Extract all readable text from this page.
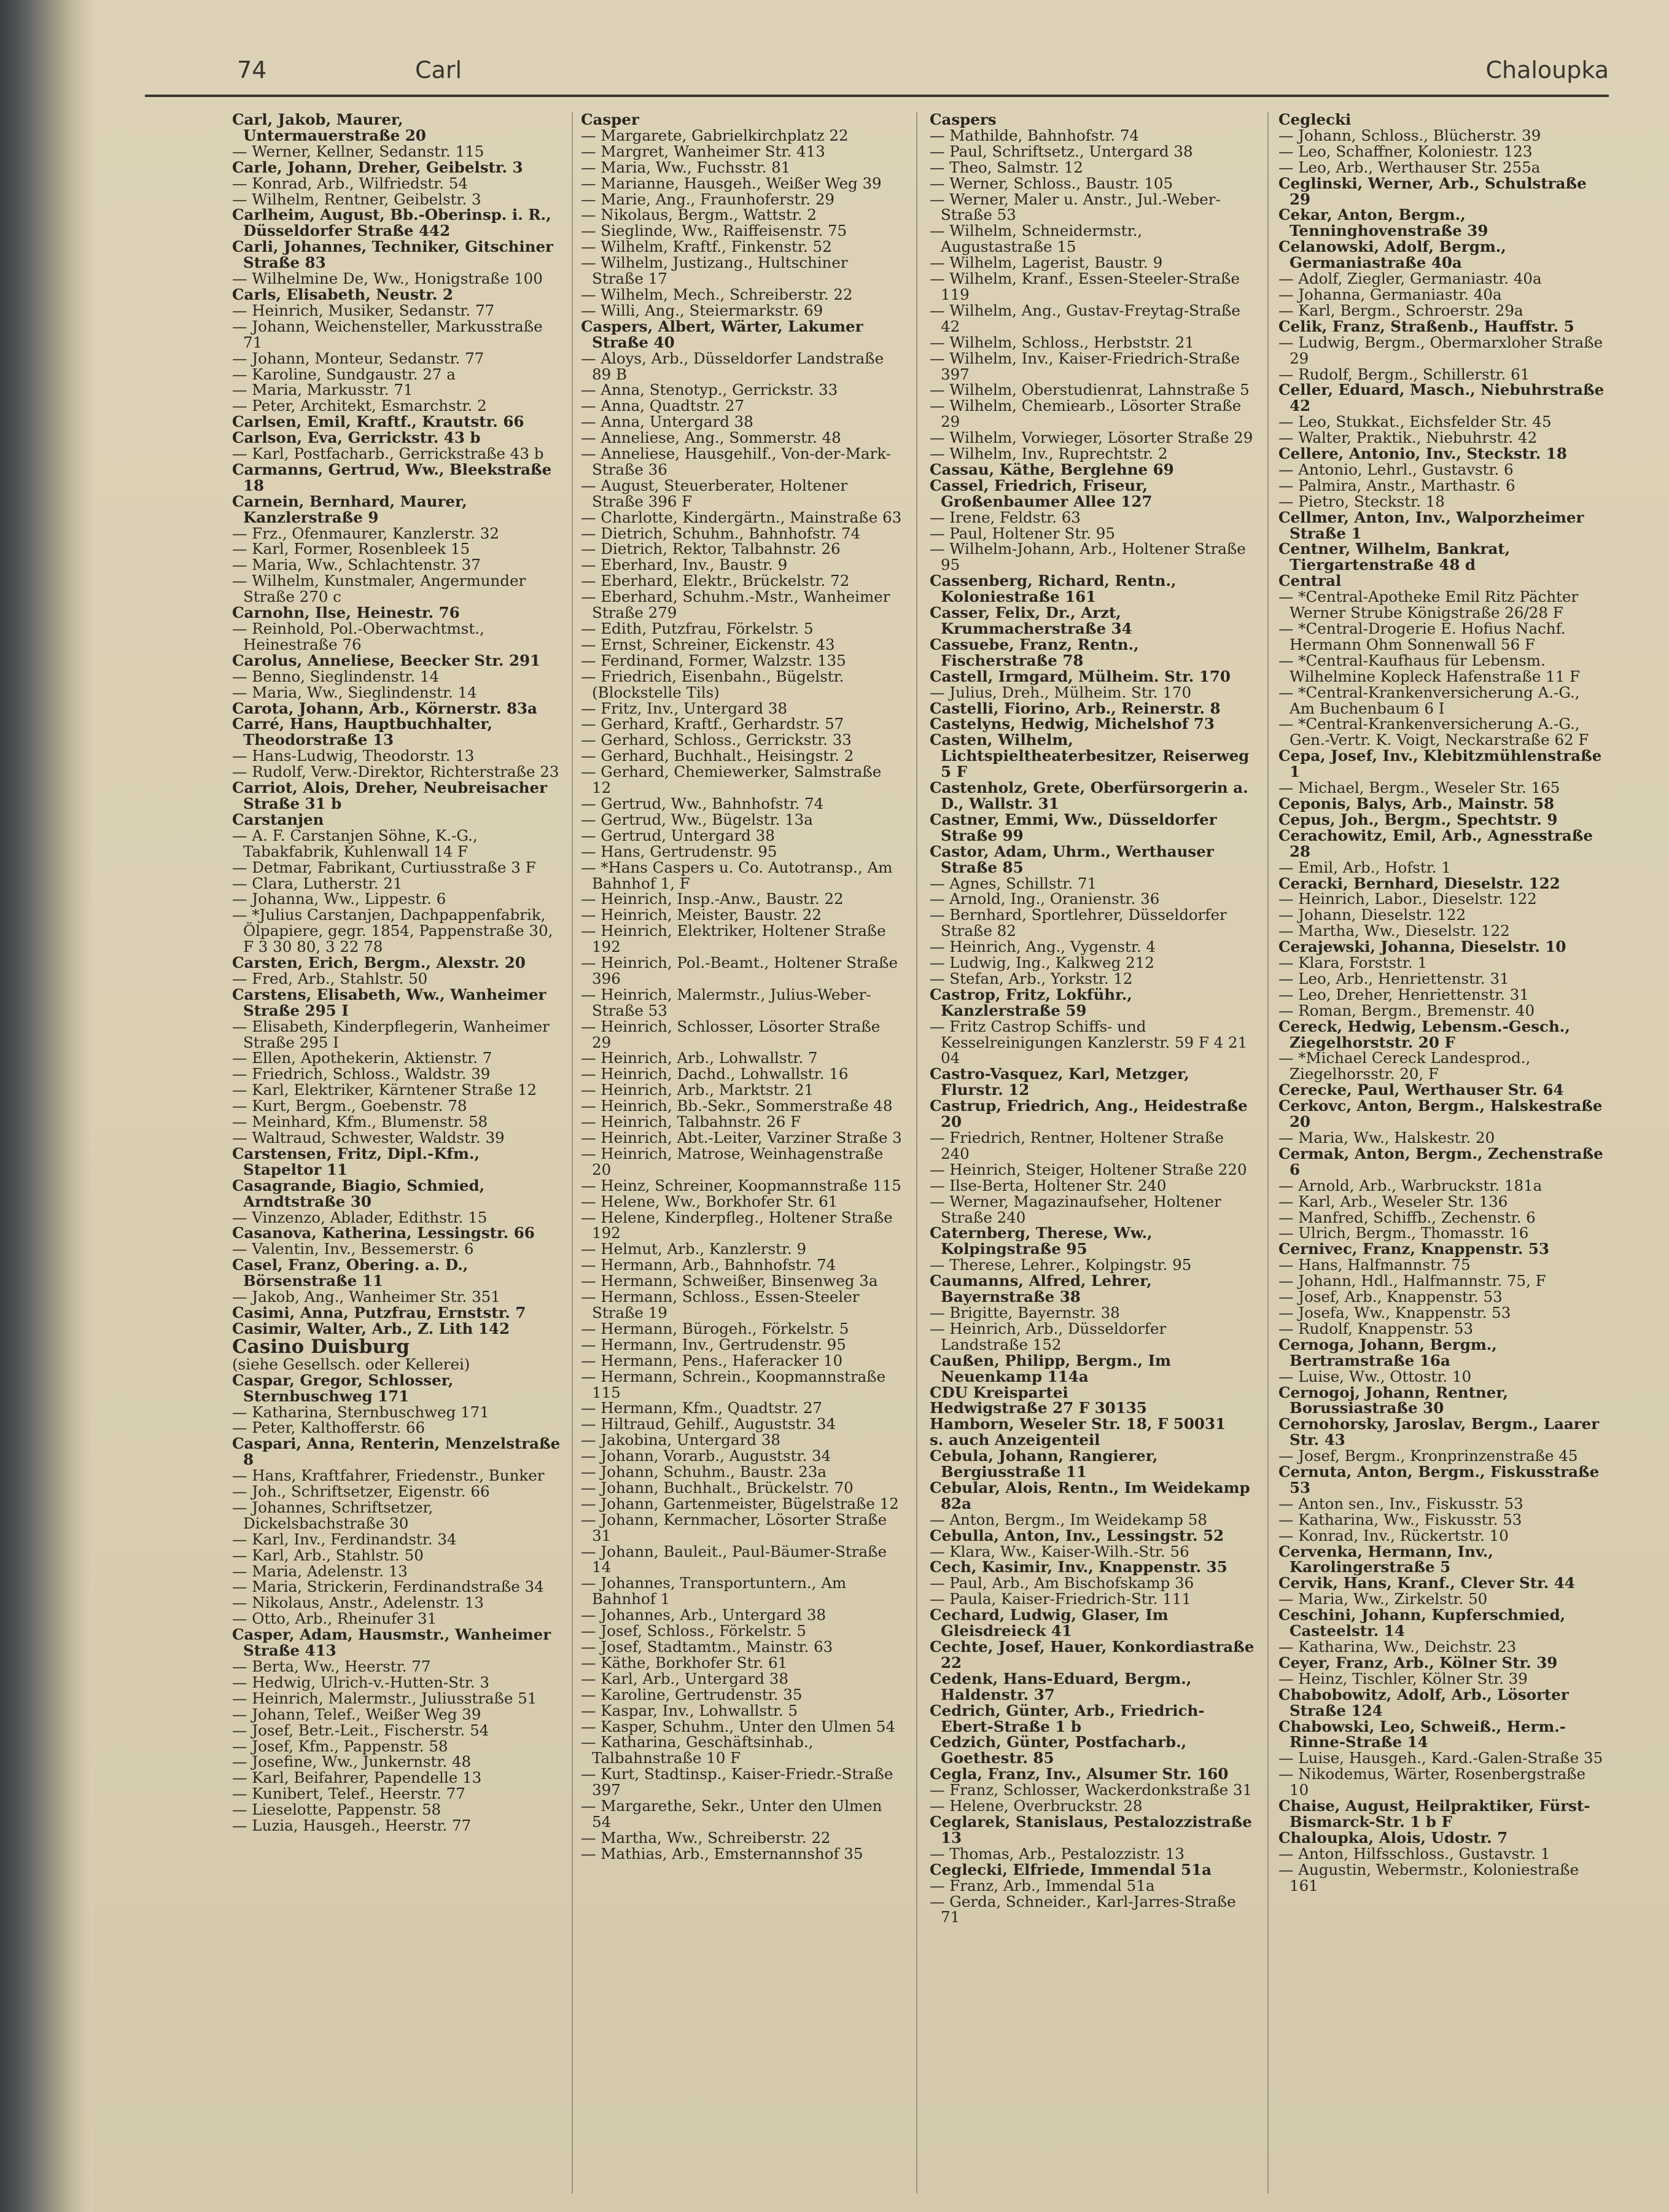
74	Carl	Chaloupka

Carl, Jakob, Maurer, Untermauerstraße 20

— Werner, Kellner, Sedanstr. 115

Carle, Johann, Dreher, Geibelstr. 3

— Konrad, Arb., Wilfriedstr. 54

— Wilhelm, Rentner, Geibelstr. 3

Carlheim, August, Bb.-Oberinsp. i. R., Düsseldorfer Straße 442

Carli, Johannes, Techniker, Gitschiner Straße 83

— Wilhelmine De, Ww., Honigstraße 100

Carls, Elisabeth, Neustr. 2

— Heinrich, Musiker, Sedanstr. 77

— Johann, Weichensteller, Markusstraße 71

— Johann, Monteur, Sedanstr. 77

— Karoline, Sundgaustr. 27 a

— Maria, Markusstr. 71

— Peter, Architekt, Esmarchstr. 2

Carlsen, Emil, Kraftf., Krautstr. 66

Carlson, Eva, Gerrickstr. 43 b

— Karl, Postfacharb., Gerrickstraße 43 b

Carmanns, Gertrud, Ww., Bleekstraße 18

Carnein, Bernhard, Maurer, Kanzlerstraße 9

— Frz., Ofenmaurer, Kanzlerstr. 32

— Karl, Former, Rosenbleek 15

— Maria, Ww., Schlachtenstr. 37

— Wilhelm, Kunstmaler, Angermunder Straße 270 c

Carnohn, Ilse, Heinestr. 76

— Reinhold, Pol.-Oberwachtmst., Heinestraße 76

Carolus, Anneliese, Beecker Str. 291

— Benno, Sieglindenstr. 14

— Maria, Ww., Sieglindenstr. 14

Carota, Johann, Arb., Körnerstr. 83a

Carré, Hans, Hauptbuchhalter, Theodorstraße 13

— Hans-Ludwig, Theodorstr. 13

— Rudolf, Verw.-Direktor, Richterstraße 23

Carriot, Alois, Dreher, Neubreisacher Straße 31 b

Carstanjen

— A. F. Carstanjen Söhne, K.-G., Tabakfabrik, Kuhlenwall 14 F

— Detmar, Fabrikant, Curtiusstraße 3 F

— Clara, Lutherstr. 21

— Johanna, Ww., Lippestr. 6

— *Julius Carstanjen, Dachpappenfabrik, Ölpapiere, gegr. 1854, Pappenstraße 30, F 3 30 80, 3 22 78

Carsten, Erich, Bergm., Alexstr. 20

— Fred, Arb., Stahlstr. 50

Carstens, Elisabeth, Ww., Wanheimer Straße 295 I

— Elisabeth, Kinderpflegerin, Wanheimer Straße 295 I

— Ellen, Apothekerin, Aktienstr. 7

— Friedrich, Schloss., Waldstr. 39

— Karl, Elektriker, Kärntener Straße 12

— Kurt, Bergm., Goebenstr. 78

— Meinhard, Kfm., Blumenstr. 58

— Waltraud, Schwester, Waldstr. 39

Carstensen, Fritz, Dipl.-Kfm., Stapeltor 11

Casagrande, Biagio, Schmied, Arndtstraße 30

— Vinzenzo, Ablader, Edithstr. 15

Casanova, Katherina, Lessingstr. 66

— Valentin, Inv., Bessemerstr. 6

Casel, Franz, Obering. a. D., Börsenstraße 11

— Jakob, Ang., Wanheimer Str. 351

Casimi, Anna, Putzfrau, Ernststr. 7

Casimir, Walter, Arb., Z. Lith 142

Casino Duisburg

(siehe Gesellsch. oder Kellerei)

Caspar, Gregor, Schlosser, Sternbuschweg 171

— Katharina, Sternbuschweg 171

— Peter, Kalthofferstr. 66

Caspari, Anna, Renterin, Menzelstraße 8

— Hans, Kraftfahrer, Friedenstr., Bunker

— Joh., Schriftsetzer, Eigenstr. 66

— Johannes, Schriftsetzer, Dickelsbachstraße 30

— Karl, Inv., Ferdinandstr. 34

— Karl, Arb., Stahlstr. 50

— Maria, Adelenstr. 13

— Maria, Strickerin, Ferdinandstraße 34

— Nikolaus, Anstr., Adelenstr. 13

— Otto, Arb., Rheinufer 31

Casper, Adam, Hausmstr., Wanheimer Straße 413

— Berta, Ww., Heerstr. 77

— Hedwig, Ulrich-v.-Hutten-Str. 3

— Heinrich, Malermstr., Juliusstraße 51

— Johann, Telef., Weißer Weg 39

— Josef, Betr.-Leit., Fischerstr. 54

— Josef, Kfm., Pappenstr. 58

— Josefine, Ww., Junkernstr. 48

— Karl, Beifahrer, Papendelle 13

— Kunibert, Telef., Heerstr. 77

— Lieselotte, Pappenstr. 58

— Luzia, Hausgeh., Heerstr. 77

Casper

— Margarete, Gabrielkirchplatz 22

— Margret, Wanheimer Str. 413

— Maria, Ww., Fuchsstr. 81

— Marianne, Hausgeh., Weißer Weg 39

— Marie, Ang., Fraunhoferstr. 29

— Nikolaus, Bergm., Wattstr. 2

— Sieglinde, Ww., Raiffeisenstr. 75

— Wilhelm, Kraftf., Finkenstr. 52

— Wilhelm, Justizang., Hultschiner Straße 17

— Wilhelm, Mech., Schreiberstr. 22

— Willi, Ang., Steiermarkstr. 69

Caspers, Albert, Wärter, Lakumer Straße 40

— Aloys, Arb., Düsseldorfer Landstraße 89 B

— Anna, Stenotyp., Gerrickstr. 33

— Anna, Quadtstr. 27

— Anna, Untergard 38

— Anneliese, Ang., Sommerstr. 48

— Anneliese, Hausgehilf., Von-der-Mark-Straße 36

— August, Steuerberater, Holtener Straße 396 F

— Charlotte, Kindergärtn., Mainstraße 63

— Dietrich, Schuhm., Bahnhofstr. 74

— Dietrich, Rektor, Talbahnstr. 26

— Eberhard, Inv., Baustr. 9

— Eberhard, Elektr., Brückelstr. 72

— Eberhard, Schuhm.-Mstr., Wanheimer Straße 279

— Edith, Putzfrau, Förkelstr. 5

— Ernst, Schreiner, Eickenstr. 43

— Ferdinand, Former, Walzstr. 135

— Friedrich, Eisenbahn., Bügelstr. (Blockstelle Tils)

— Fritz, Inv., Untergard 38

— Gerhard, Kraftf., Gerhardstr. 57

— Gerhard, Schloss., Gerrickstr. 33

— Gerhard, Buchhalt., Heisingstr. 2

— Gerhard, Chemiewerker, Salmstraße 12

— Gertrud, Ww., Bahnhofstr. 74

— Gertrud, Ww., Bügelstr. 13a

— Gertrud, Untergard 38

— Hans, Gertrudenstr. 95

— *Hans Caspers u. Co. Autotransp., Am Bahnhof 1, F

— Heinrich, Insp.-Anw., Baustr. 22

— Heinrich, Meister, Baustr. 22

— Heinrich, Elektriker, Holtener Straße 192

— Heinrich, Pol.-Beamt., Holtener Straße 396

— Heinrich, Malermstr., Julius-Weber-Straße 53

— Heinrich, Schlosser, Lösorter Straße 29

— Heinrich, Arb., Lohwallstr. 7

— Heinrich, Dachd., Lohwallstr. 16

— Heinrich, Arb., Marktstr. 21

— Heinrich, Bb.-Sekr., Sommerstraße 48

— Heinrich, Talbahnstr. 26 F

— Heinrich, Abt.-Leiter, Varziner Straße 3

— Heinrich, Matrose, Weinhagenstraße 20

— Heinz, Schreiner, Koopmannstraße 115

— Helene, Ww., Borkhofer Str. 61

— Helene, Kinderpfleg., Holtener Straße 192

— Helmut, Arb., Kanzlerstr. 9

— Hermann, Arb., Bahnhofstr. 74

— Hermann, Schweißer, Binsenweg 3a

— Hermann, Schloss., Essen-Steeler Straße 19

— Hermann, Bürogeh., Förkelstr. 5

— Hermann, Inv., Gertrudenstr. 95

— Hermann, Pens., Haferacker 10

— Hermann, Schrein., Koopmannstraße 115

— Hermann, Kfm., Quadtstr. 27

— Hiltraud, Gehilf., Auguststr. 34

— Jakobina, Untergard 38

— Johann, Vorarb., Auguststr. 34

— Johann, Schuhm., Baustr. 23a

— Johann, Buchhalt., Brückelstr. 70

— Johann, Gartenmeister, Bügelstraße 12

— Johann, Kernmacher, Lösorter Straße 31

— Johann, Bauleit., Paul-Bäumer-Straße 14

— Johannes, Transportuntern., Am Bahnhof 1

— Johannes, Arb., Untergard 38

— Josef, Schloss., Förkelstr. 5

— Josef, Stadtamtm., Mainstr. 63

— Käthe, Borkhofer Str. 61

— Karl, Arb., Untergard 38

— Karoline, Gertrudenstr. 35

— Kaspar, Inv., Lohwallstr. 5

— Kasper, Schuhm., Unter den Ulmen 54

— Katharina, Geschäftsinhab., Talbahnstraße 10 F

— Kurt, Stadtinsp., Kaiser-Friedr.-Straße 397

— Margarethe, Sekr., Unter den Ulmen 54

— Martha, Ww., Schreiberstr. 22

— Mathias, Arb., Emsternannshof 35

Caspers

— Mathilde, Bahnhofstr. 74

— Paul, Schriftsetz., Untergard 38

— Theo, Salmstr. 12

— Werner, Schloss., Baustr. 105

— Werner, Maler u. Anstr., Jul.-Weber-Straße 53

— Wilhelm, Schneidermstr., Augustastraße 15

— Wilhelm, Lagerist, Baustr. 9

— Wilhelm, Kranf., Essen-Steeler-Straße 119

— Wilhelm, Ang., Gustav-Freytag-Straße 42

— Wilhelm, Schloss., Herbststr. 21

— Wilhelm, Inv., Kaiser-Friedrich-Straße 397

— Wilhelm, Oberstudienrat, Lahnstraße 5

— Wilhelm, Chemiearb., Lösorter Straße 29

— Wilhelm, Vorwieger, Lösorter Straße 29

— Wilhelm, Inv., Ruprechtstr. 2

Cassau, Käthe, Berglehne 69

Cassel, Friedrich, Friseur, Großenbaumer Allee 127

— Irene, Feldstr. 63

— Paul, Holtener Str. 95

— Wilhelm-Johann, Arb., Holtener Straße 95

Cassenberg, Richard, Rentn., Koloniestraße 161

Casser, Felix, Dr., Arzt, Krummacherstraße 34

Cassuebe, Franz, Rentn., Fischerstraße 78

Castell, Irmgard, Mülheim. Str. 170

— Julius, Dreh., Mülheim. Str. 170

Castelli, Fiorino, Arb., Reinerstr. 8

Castelyns, Hedwig, Michelshof 73

Casten, Wilhelm, Lichtspieltheaterbesitzer, Reiserweg 5 F

Castenholz, Grete, Oberfürsorgerin a. D., Wallstr. 31

Castner, Emmi, Ww., Düsseldorfer Straße 99

Castor, Adam, Uhrm., Werthauser Straße 85

— Agnes, Schillstr. 71

— Arnold, Ing., Oranienstr. 36

— Bernhard, Sportlehrer, Düsseldorfer Straße 82

— Heinrich, Ang., Vygenstr. 4

— Ludwig, Ing., Kalkweg 212

— Stefan, Arb., Yorkstr. 12

Castrop, Fritz, Lokführ., Kanzlerstraße 59

— Fritz Castrop Schiffs- und Kesselreinigungen Kanzlerstr. 59 F 4 21 04

Castro-Vasquez, Karl, Metzger, Flurstr. 12

Castrup, Friedrich, Ang., Heidestraße 20

— Friedrich, Rentner, Holtener Straße 240

— Heinrich, Steiger, Holtener Straße 220

— Ilse-Berta, Holtener Str. 240

— Werner, Magazinaufseher, Holtener Straße 240

Caternberg, Therese, Ww., Kolpingstraße 95

— Therese, Lehrer., Kolpingstr. 95

Caumanns, Alfred, Lehrer, Bayernstraße 38

— Brigitte, Bayernstr. 38

— Heinrich, Arb., Düsseldorfer Landstraße 152

Caußen, Philipp, Bergm., Im Neuenkamp 114a

CDU Kreispartei

Hedwigstraße 27 F 30135

Hamborn, Weseler Str. 18, F 50031

s. auch Anzeigenteil

Cebula, Johann, Rangierer, Bergiusstraße 11

Cebular, Alois, Rentn., Im Weidekamp 82a

— Anton, Bergm., Im Weidekamp 58

Cebulla, Anton, Inv., Lessingstr. 52

— Klara, Ww., Kaiser-Wilh.-Str. 56

Cech, Kasimir, Inv., Knappenstr. 35

— Paul, Arb., Am Bischofskamp 36

— Paula, Kaiser-Friedrich-Str. 111

Cechard, Ludwig, Glaser, Im Gleisdreieck 41

Cechte, Josef, Hauer, Konkordiastraße 22

Cedenk, Hans-Eduard, Bergm., Haldenstr. 37

Cedrich, Günter, Arb., Friedrich-Ebert-Straße 1 b

Cedzich, Günter, Postfacharb., Goethestr. 85

Cegla, Franz, Inv., Alsumer Str. 160

— Franz, Schlosser, Wackerdonkstraße 31

— Helene, Overbruckstr. 28

Ceglarek, Stanislaus, Pestalozzistraße 13

— Thomas, Arb., Pestalozzistr. 13

Ceglecki, Elfriede, Immendal 51a

— Franz, Arb., Immendal 51a

— Gerda, Schneider., Karl-Jarres-Straße 71

Ceglecki

— Johann, Schloss., Blücherstr. 39

— Leo, Schaffner, Koloniestr. 123

— Leo, Arb., Werthauser Str. 255a

Ceglinski, Werner, Arb., Schulstraße 29

Cekar, Anton, Bergm., Tenninghovenstraße 39

Celanowski, Adolf, Bergm., Germaniastraße 40a

— Adolf, Ziegler, Germaniastr. 40a

— Johanna, Germaniastr. 40a

— Karl, Bergm., Schroerstr. 29a

Celik, Franz, Straßenb., Hauffstr. 5

— Ludwig, Bergm., Obermarxloher Straße 29

— Rudolf, Bergm., Schillerstr. 61

Celler, Eduard, Masch., Niebuhrstraße 42

— Leo, Stukkat., Eichsfelder Str. 45

— Walter, Praktik., Niebuhrstr. 42

Cellere, Antonio, Inv., Steckstr. 18

— Antonio, Lehrl., Gustavstr. 6

— Palmira, Anstr., Marthastr. 6

— Pietro, Steckstr. 18

Cellmer, Anton, Inv., Walporzheimer Straße 1

Centner, Wilhelm, Bankrat, Tiergartenstraße 48 d

Central

— *Central-Apotheke Emil Ritz Pächter Werner Strube Königstraße 26/28 F

— *Central-Drogerie E. Hofius Nachf. Hermann Ohm Sonnenwall 56 F

— *Central-Kaufhaus für Lebensm. Wilhelmine Kopleck Hafenstraße 11 F

— *Central-Krankenversicherung A.-G., Am Buchenbaum 6 I

— *Central-Krankenversicherung A.-G., Gen.-Vertr. K. Voigt, Neckarstraße 62 F

Cepa, Josef, Inv., Klebitzmühlenstraße 1

— Michael, Bergm., Weseler Str. 165

Ceponis, Balys, Arb., Mainstr. 58

Cepus, Joh., Bergm., Spechtstr. 9

Cerachowitz, Emil, Arb., Agnesstraße 28

— Emil, Arb., Hofstr. 1

Ceracki, Bernhard, Dieselstr. 122

— Heinrich, Labor., Dieselstr. 122

— Johann, Dieselstr. 122

— Martha, Ww., Dieselstr. 122

Cerajewski, Johanna, Dieselstr. 10

— Klara, Forststr. 1

— Leo, Arb., Henriettenstr. 31

— Leo, Dreher, Henriettenstr. 31

— Roman, Bergm., Bremenstr. 40

Cereck, Hedwig, Lebensm.-Gesch., Ziegelhorststr. 20 F

— *Michael Cereck Landesprod., Ziegelhorsstr. 20, F

Cerecke, Paul, Werthauser Str. 64

Cerkovc, Anton, Bergm., Halskestraße 20

— Maria, Ww., Halskestr. 20

Cermak, Anton, Bergm., Zechenstraße 6

— Arnold, Arb., Warbruckstr. 181a

— Karl, Arb., Weseler Str. 136

— Manfred, Schiffb., Zechenstr. 6

— Ulrich, Bergm., Thomasstr. 16

Cernivec, Franz, Knappenstr. 53

— Hans, Halfmannstr. 75

— Johann, Hdl., Halfmannstr. 75, F

— Josef, Arb., Knappenstr. 53

— Josefa, Ww., Knappenstr. 53

— Rudolf, Knappenstr. 53

Cernoga, Johann, Bergm., Bertramstraße 16a

— Luise, Ww., Ottostr. 10

Cernogoj, Johann, Rentner, Borussiastraße 30

Cernohorsky, Jaroslav, Bergm., Laarer Str. 43

— Josef, Bergm., Kronprinzenstraße 45

Cernuta, Anton, Bergm., Fiskusstraße 53

— Anton sen., Inv., Fiskusstr. 53

— Katharina, Ww., Fiskusstr. 53

— Konrad, Inv., Rückertstr. 10

Cervenka, Hermann, Inv., Karolingerstraße 5

Cervik, Hans, Kranf., Clever Str. 44

— Maria, Ww., Zirkelstr. 50

Ceschini, Johann, Kupferschmied, Casteelstr. 14

— Katharina, Ww., Deichstr. 23

Ceyer, Franz, Arb., Kölner Str. 39

— Heinz, Tischler, Kölner Str. 39

Chabobowitz, Adolf, Arb., Lösorter Straße 124

Chabowski, Leo, Schweiß., Herm.-Rinne-Straße 14

— Luise, Hausgeh., Kard.-Galen-Straße 35

— Nikodemus, Wärter, Rosenbergstraße 10

Chaise, August, Heilpraktiker, Fürst-Bismarck-Str. 1 b F

Chaloupka, Alois, Udostr. 7

— Anton, Hilfsschloss., Gustavstr. 1

— Augustin, Webermstr., Koloniestraße 161
